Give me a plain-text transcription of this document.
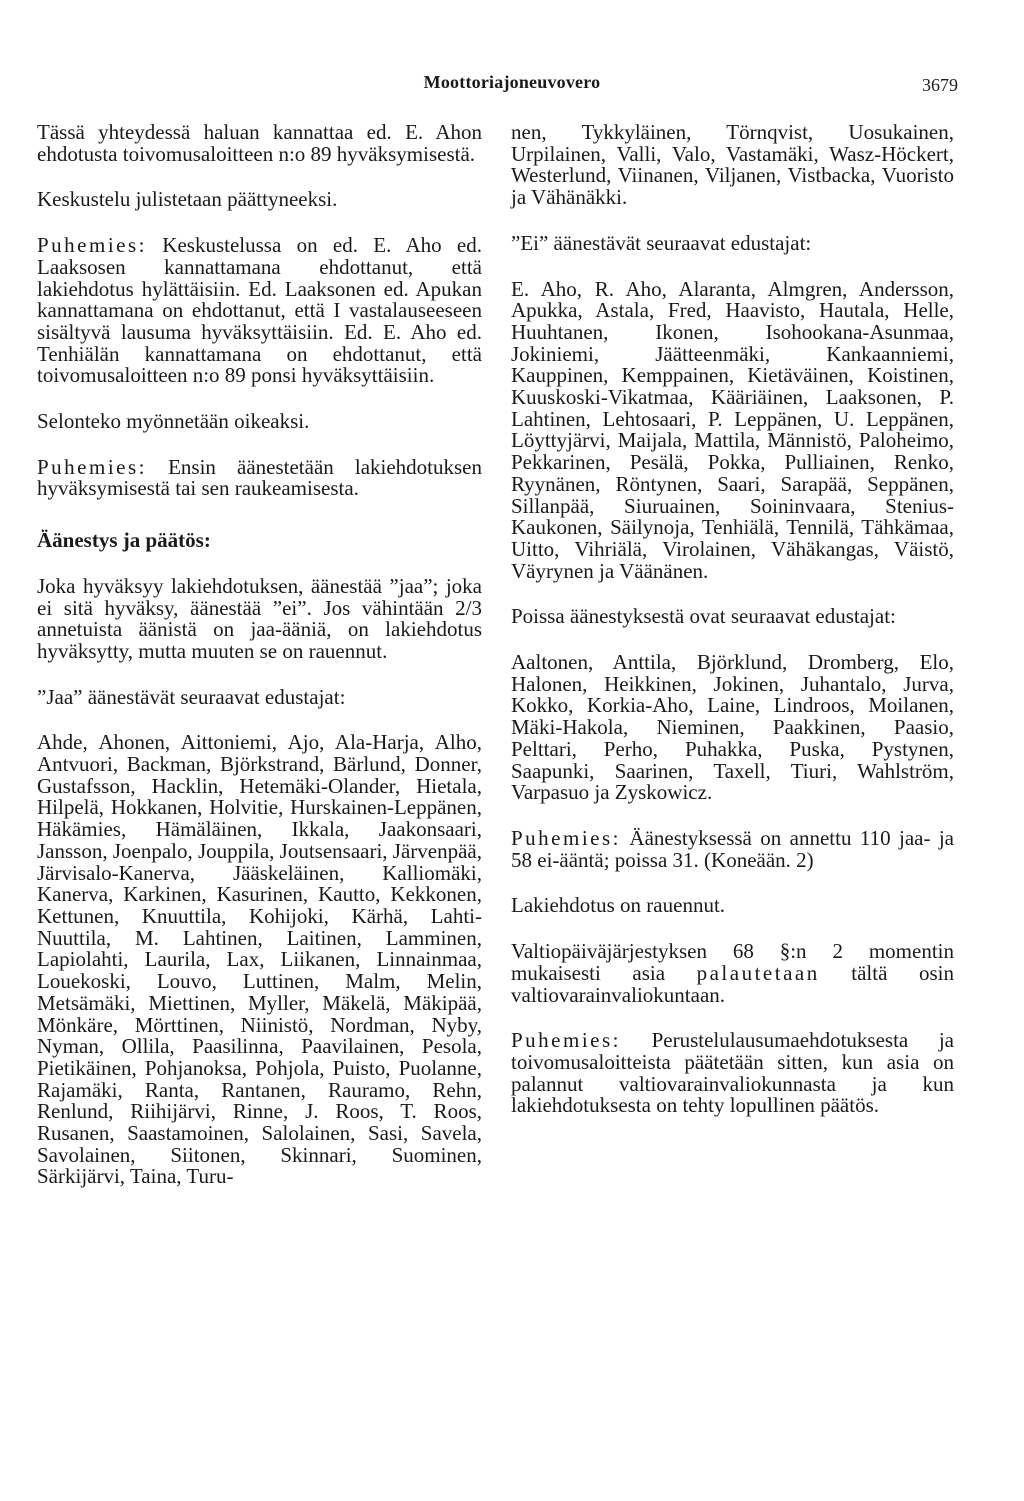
Moottoriajoneuvovero	3679

Tässä yhteydessä haluan kannattaa ed. E. Ahon ehdotusta toivomusaloitteen n:o 89 hyväksymisestä.

Keskustelu julistetaan päättyneeksi.

Puhemies: Keskustelussa on ed. E. Aho ed. Laaksosen kannattamana ehdottanut, että lakiehdotus hylättäisiin. Ed. Laaksonen ed. Apukan kannattamana on ehdottanut, että I vastalauseeseen sisältyvä lausuma hyväksyttäisiin. Ed. E. Aho ed. Tenhiälän kannattamana on ehdottanut, että toivomusaloitteen n:o 89 ponsi hyväksyttäisiin.

Selonteko myönnetään oikeaksi.

Puhemies: Ensin äänestetään lakiehdotuksen hyväksymisestä tai sen raukeamisesta.

Äänestys ja päätös:

Joka hyväksyy lakiehdotuksen, äänestää ”jaa”; joka ei sitä hyväksy, äänestää ”ei”. Jos vähintään 2/3 annetuista äänistä on jaa-ääniä, on lakiehdotus hyväksytty, mutta muuten se on rauennut.

”Jaa” äänestävät seuraavat edustajat:

Ahde, Ahonen, Aittoniemi, Ajo, Ala-Harja, Alho, Antvuori, Backman, Björkstrand, Bärlund, Donner, Gustafsson, Hacklin, Hetemäki-Olander, Hietala, Hilpelä, Hokkanen, Holvitie, Hurskainen-Leppänen, Häkämies, Hämäläinen, Ikkala, Jaakonsaari, Jansson, Joenpalo, Jouppila, Joutsensaari, Järvenpää, Järvisalo-Kanerva, Jääskeläinen, Kalliomäki, Kanerva, Karkinen, Kasurinen, Kautto, Kekkonen, Kettunen, Knuuttila, Kohijoki, Kärhä, Lahti-Nuuttila, M. Lahtinen, Laitinen, Lamminen, Lapiolahti, Laurila, Lax, Liikanen, Linnainmaa, Louekoski, Louvo, Luttinen, Malm, Melin, Metsämäki, Miettinen, Myller, Mäkelä, Mäkipää, Mönkäre, Mörttinen, Niinistö, Nordman, Nyby, Nyman, Ollila, Paasilinna, Paavilainen, Pesola, Pietikäinen, Pohjanoksa, Pohjola, Puisto, Puolanne, Rajamäki, Ranta, Rantanen, Rauramo, Rehn, Renlund, Riihijärvi, Rinne, J. Roos, T. Roos, Rusanen, Saastamoinen, Salolainen, Sasi, Savela, Savolainen, Siitonen, Skinnari, Suominen, Särkijärvi, Taina, Turu-

nen, Tykkyläinen, Törnqvist, Uosukainen, Urpilainen, Valli, Valo, Vastamäki, Wasz-Höckert, Westerlund, Viinanen, Viljanen, Vistbacka, Vuoristo ja Vähänäkki.

”Ei” äänestävät seuraavat edustajat:

E. Aho, R. Aho, Alaranta, Almgren, Andersson, Apukka, Astala, Fred, Haavisto, Hautala, Helle, Huuhtanen, Ikonen, Isohookana-Asunmaa, Jokiniemi, Jäätteenmäki, Kankaanniemi, Kauppinen, Kemppainen, Kietäväinen, Koistinen, Kuuskoski-Vikatmaa, Kääriäinen, Laaksonen, P. Lahtinen, Lehtosaari, P. Leppänen, U. Leppänen, Löyttyjärvi, Maijala, Mattila, Männistö, Paloheimo, Pekkarinen, Pesälä, Pokka, Pulliainen, Renko, Ryynänen, Röntynen, Saari, Sarapää, Seppänen, Sillanpää, Siuruainen, Soininvaara, Stenius-Kaukonen, Säilynoja, Tenhiälä, Tennilä, Tähkämaa, Uitto, Vihriälä, Virolainen, Vähäkangas, Väistö, Väyrynen ja Väänänen.

Poissa äänestyksestä ovat seuraavat edustajat:

Aaltonen, Anttila, Björklund, Dromberg, Elo, Halonen, Heikkinen, Jokinen, Juhantalo, Jurva, Kokko, Korkia-Aho, Laine, Lindroos, Moilanen, Mäki-Hakola, Nieminen, Paakkinen, Paasio, Pelttari, Perho, Puhakka, Puska, Pystynen, Saapunki, Saarinen, Taxell, Tiuri, Wahlström, Varpasuo ja Zyskowicz.

Puhemies: Äänestyksessä on annettu 110 jaa- ja 58 ei-ääntä; poissa 31. (Koneään. 2)

Lakiehdotus on rauennut.

Valtiopäiväjärjestyksen 68 §:n 2 momentin mukaisesti asia palautetaan tältä osin valtiovarainvaliokuntaan.

Puhemies: Perustelulausumaehdotuksesta ja toivomusaloitteista päätetään sitten, kun asia on palannut valtiovarainvaliokunnasta ja kun lakiehdotuksesta on tehty lopullinen päätös.
